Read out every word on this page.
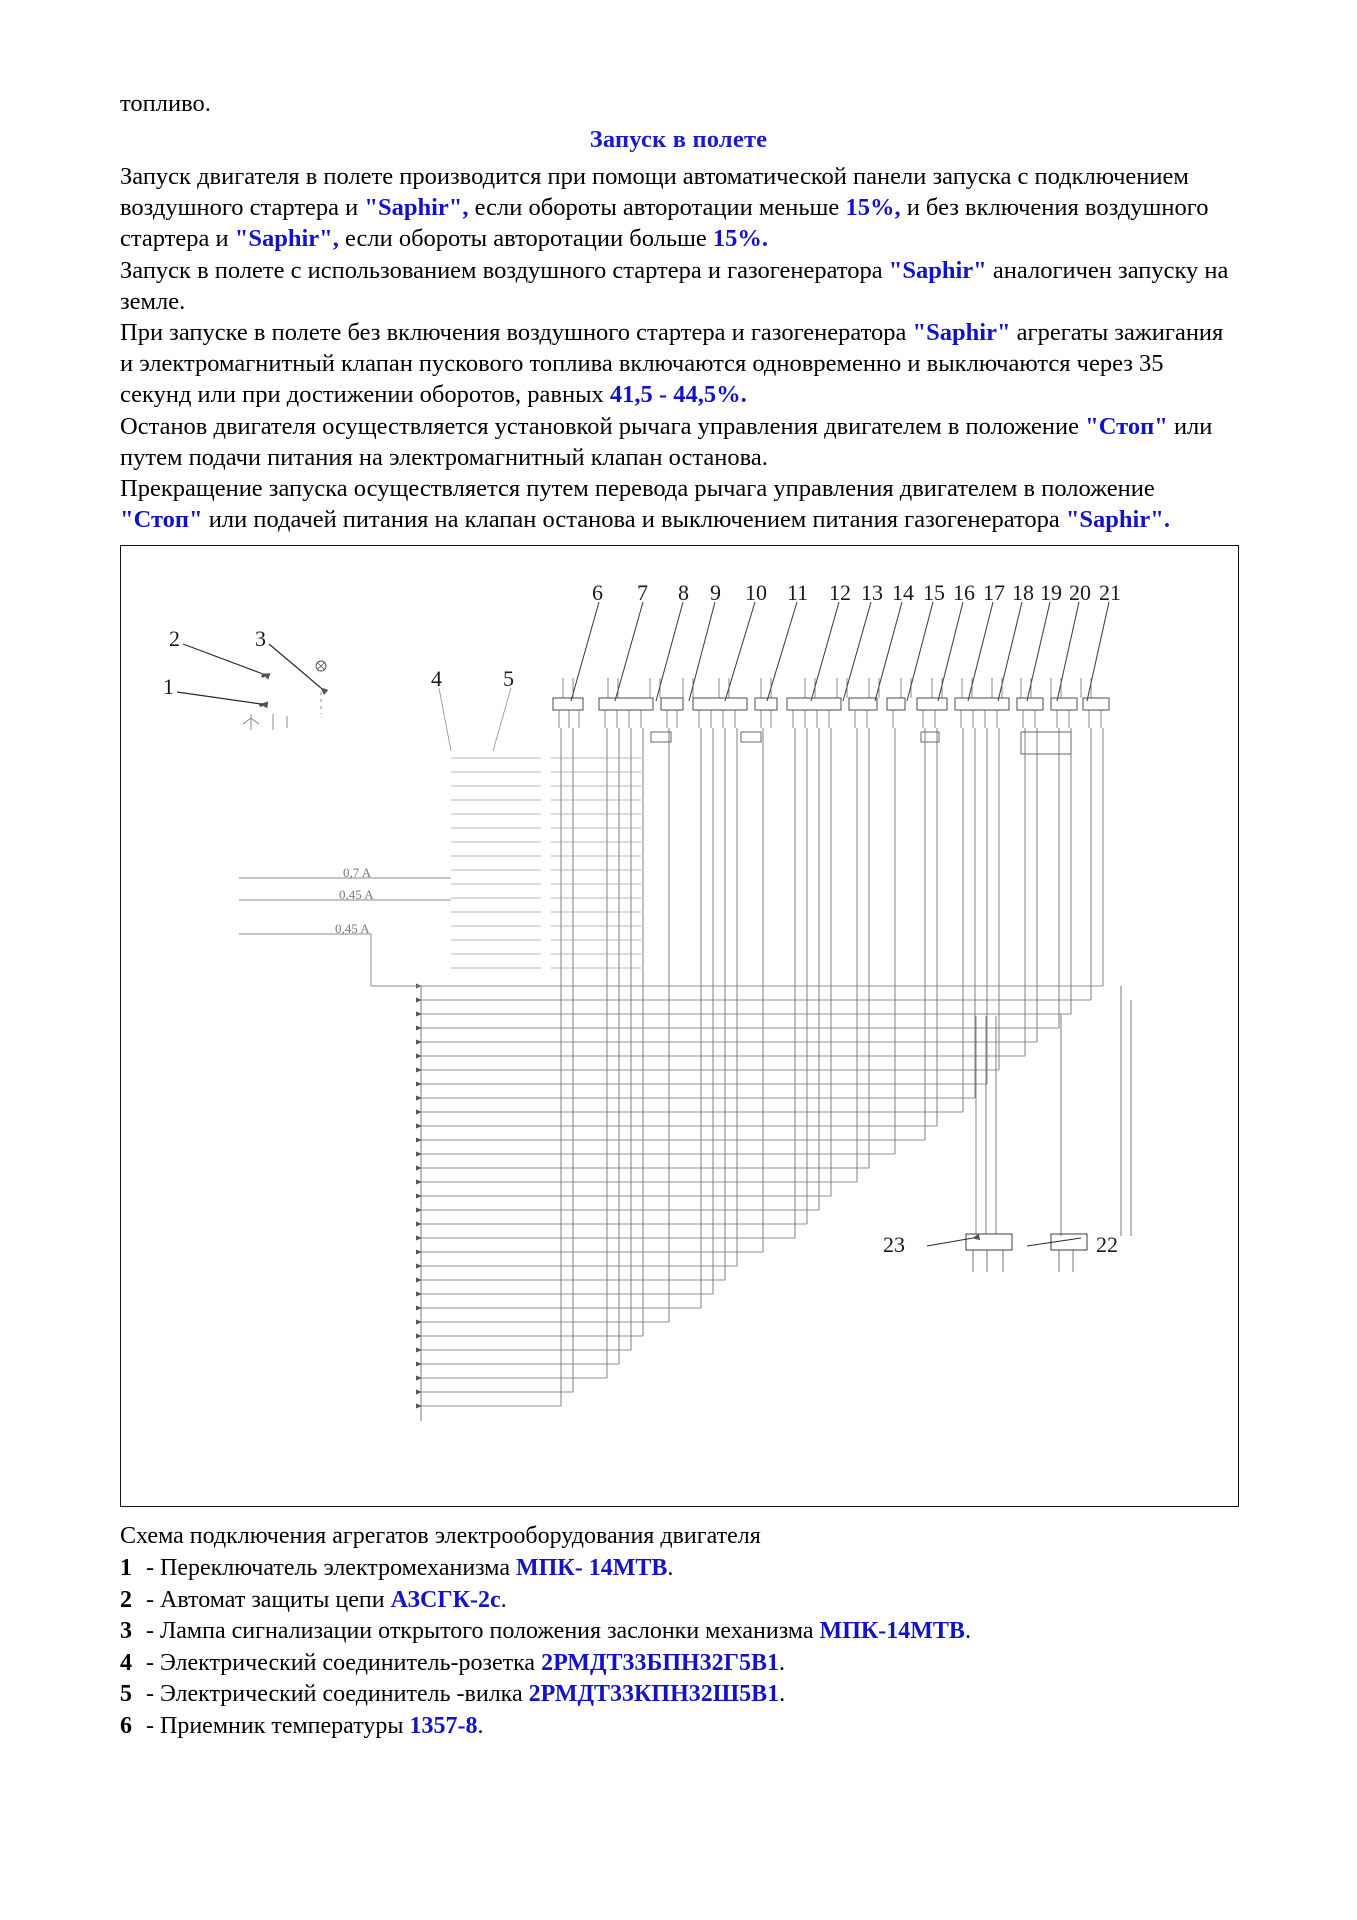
топливо.

Запуск в полете

Запуск двигателя в полете производится при помощи автоматической панели запуска с подключением воздушного стартера и "Saphir", если обороты авторотации меньше 15%, и без включения воздушного стартера и "Saphir", если обороты авторотации больше 15%.

Запуск в полете с использованием воздушного стартера и газогенератора "Saphir" аналогичен запуску на земле.

При запуске в полете без включения воздушного стартера и газогенератора "Saphir" агрегаты зажигания и электромагнитный клапан пускового топлива включаются одновременно и выключаются через 35 секунд или при достижении оборотов, равных 41,5 - 44,5%.

Останов двигателя осуществляется установкой рычага управления двигателем в положение "Стоп" или путем подачи питания на электромагнитный клапан останова.

Прекращение запуска осуществляется путем перевода рычага управления двигателем в положение "Стоп" или подачей питания на клапан останова и выключением питания газогенератора "Saphir".

6 7 8 9 10 11 12 13 14 15 16 17 18 19 20 21
2	3
1	4	5
23	22
0,7 A
0,45 A
0,45 A

Схема подключения агрегатов электрооборудования двигателя

1 - Переключатель электромеханизма МПК- 14МТВ.
2 - Автомат защиты цепи АЗСГК-2с.
3 - Лампа сигнализации открытого положения заслонки механизма МПК-14МТВ.
4 - Электрический соединитель-розетка 2РМДТ33БПН32Г5В1.
5 - Электрический соединитель -вилка 2РМДТ33КПН32Ш5В1.
6 - Приемник температуры 1357-8.
